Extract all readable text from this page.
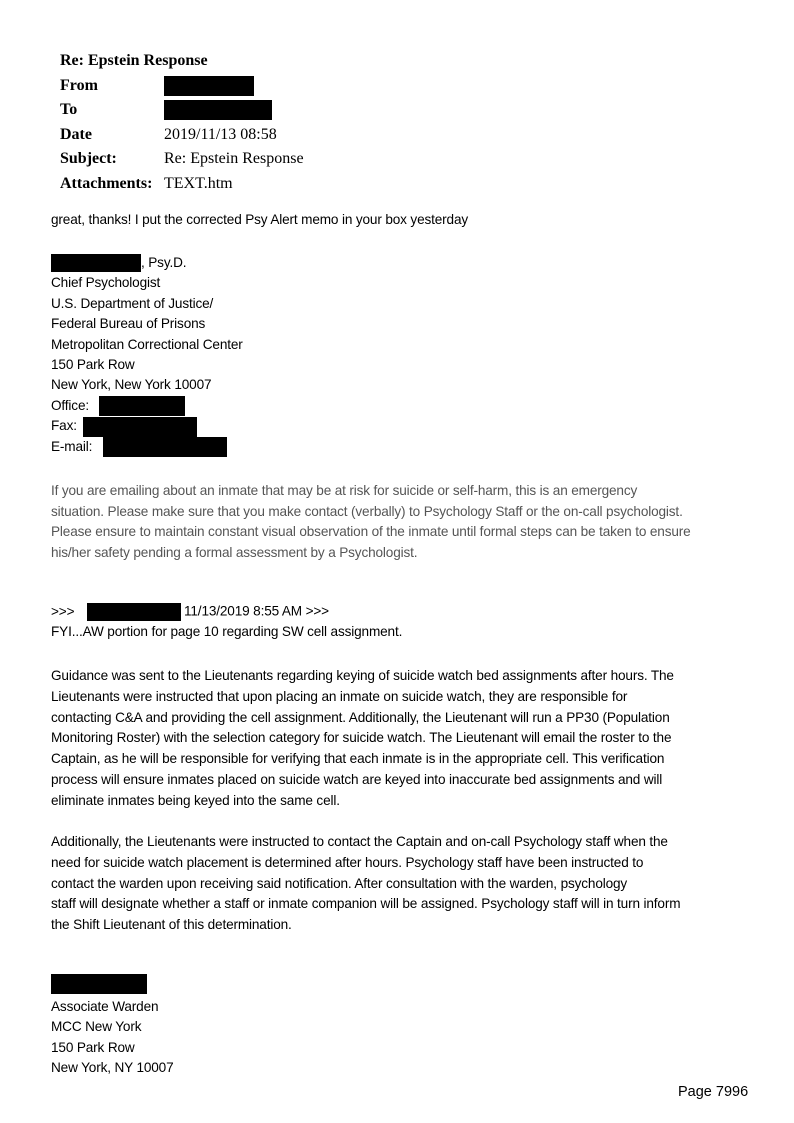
Re: Epstein Response
From
To
Date	2019/11/13 08:58
Subject:	Re: Epstein Response
Attachments: TEXT.htm
great, thanks! I put the corrected Psy Alert memo in your box yesterday
, Psy.D.
Chief Psychologist
U.S. Department of Justice/
Federal Bureau of Prisons
Metropolitan Correctional Center
150 Park Row
New York, New York 10007
Office:
Fax:
E-mail:
If you are emailing about an inmate that may be at risk for suicide or self-harm, this is an emergency
situation. Please make sure that you make contact (verbally) to Psychology Staff or the on-call psychologist.
Please ensure to maintain constant visual observation of the inmate until formal steps can be taken to ensure
his/her safety pending a formal assessment by a Psychologist.
>>>	11/13/2019 8:55 AM >>>
FYI...AW portion for page 10 regarding SW cell assignment.
Guidance was sent to the Lieutenants regarding keying of suicide watch bed assignments after hours. The
Lieutenants were instructed that upon placing an inmate on suicide watch, they are responsible for
contacting C&A and providing the cell assignment. Additionally, the Lieutenant will run a PP30 (Population
Monitoring Roster) with the selection category for suicide watch. The Lieutenant will email the roster to the
Captain, as he will be responsible for verifying that each inmate is in the appropriate cell. This verification
process will ensure inmates placed on suicide watch are keyed into inaccurate bed assignments and will
eliminate inmates being keyed into the same cell.
Additionally, the Lieutenants were instructed to contact the Captain and on-call Psychology staff when the
need for suicide watch placement is determined after hours. Psychology staff have been instructed to
contact the warden upon receiving said notification. After consultation with the warden, psychology
staff will designate whether a staff or inmate companion will be assigned. Psychology staff will in turn inform
the Shift Lieutenant of this determination.
Associate Warden
MCC New York
150 Park Row
New York, NY 10007
Page 7996
